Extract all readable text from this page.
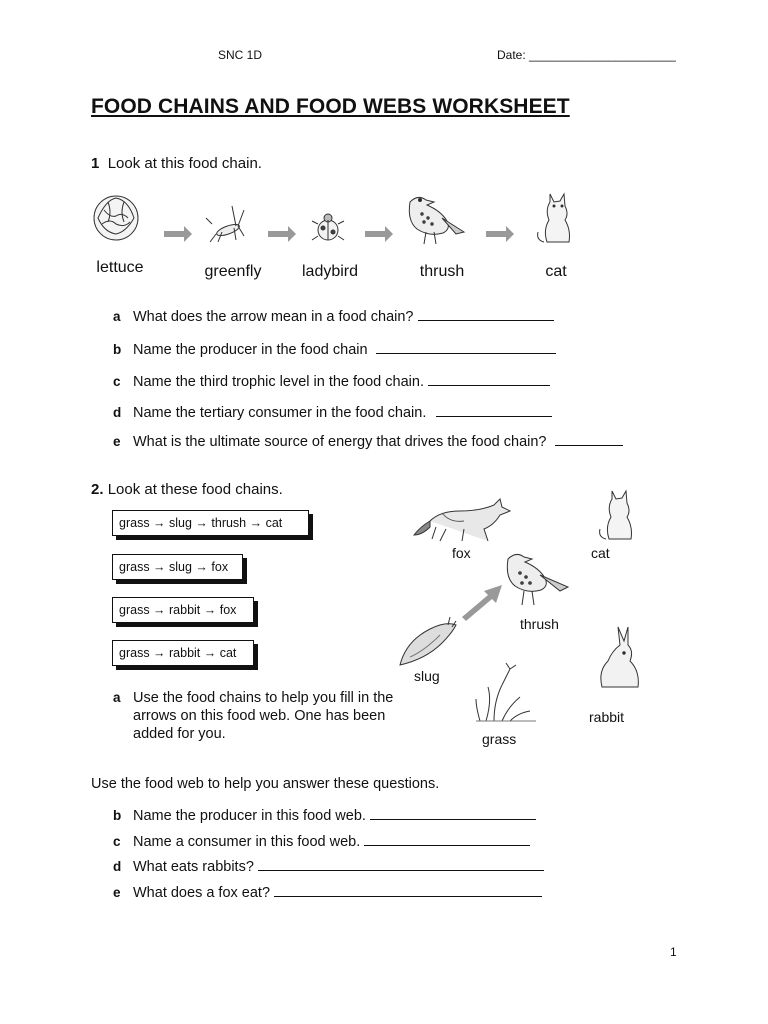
SNC 1D	Date: ______________________
FOOD CHAINS AND FOOD WEBS WORKSHEET
1 Look at this food chain.
lettuce	greenfly	ladybird	thrush	cat
a What does the arrow mean in a food chain?
b Name the producer in the food chain
c Name the third trophic level in the food chain.
d Name the tertiary consumer in the food chain.
e What is the ultimate source of energy that drives the food chain?
2. Look at these food chains.
grass → slug → thrush → cat
grass → slug → fox
grass → rabbit → fox
grass → rabbit → cat
fox	cat
thrush
slug
rabbit
grass
a Use the food chains to help you fill in the
arrows on this food web. One has been
added for you.
Use the food web to help you answer these questions.
b Name the producer in this food web.
c Name a consumer in this food web.
d What eats rabbits?
e What does a fox eat?
1
